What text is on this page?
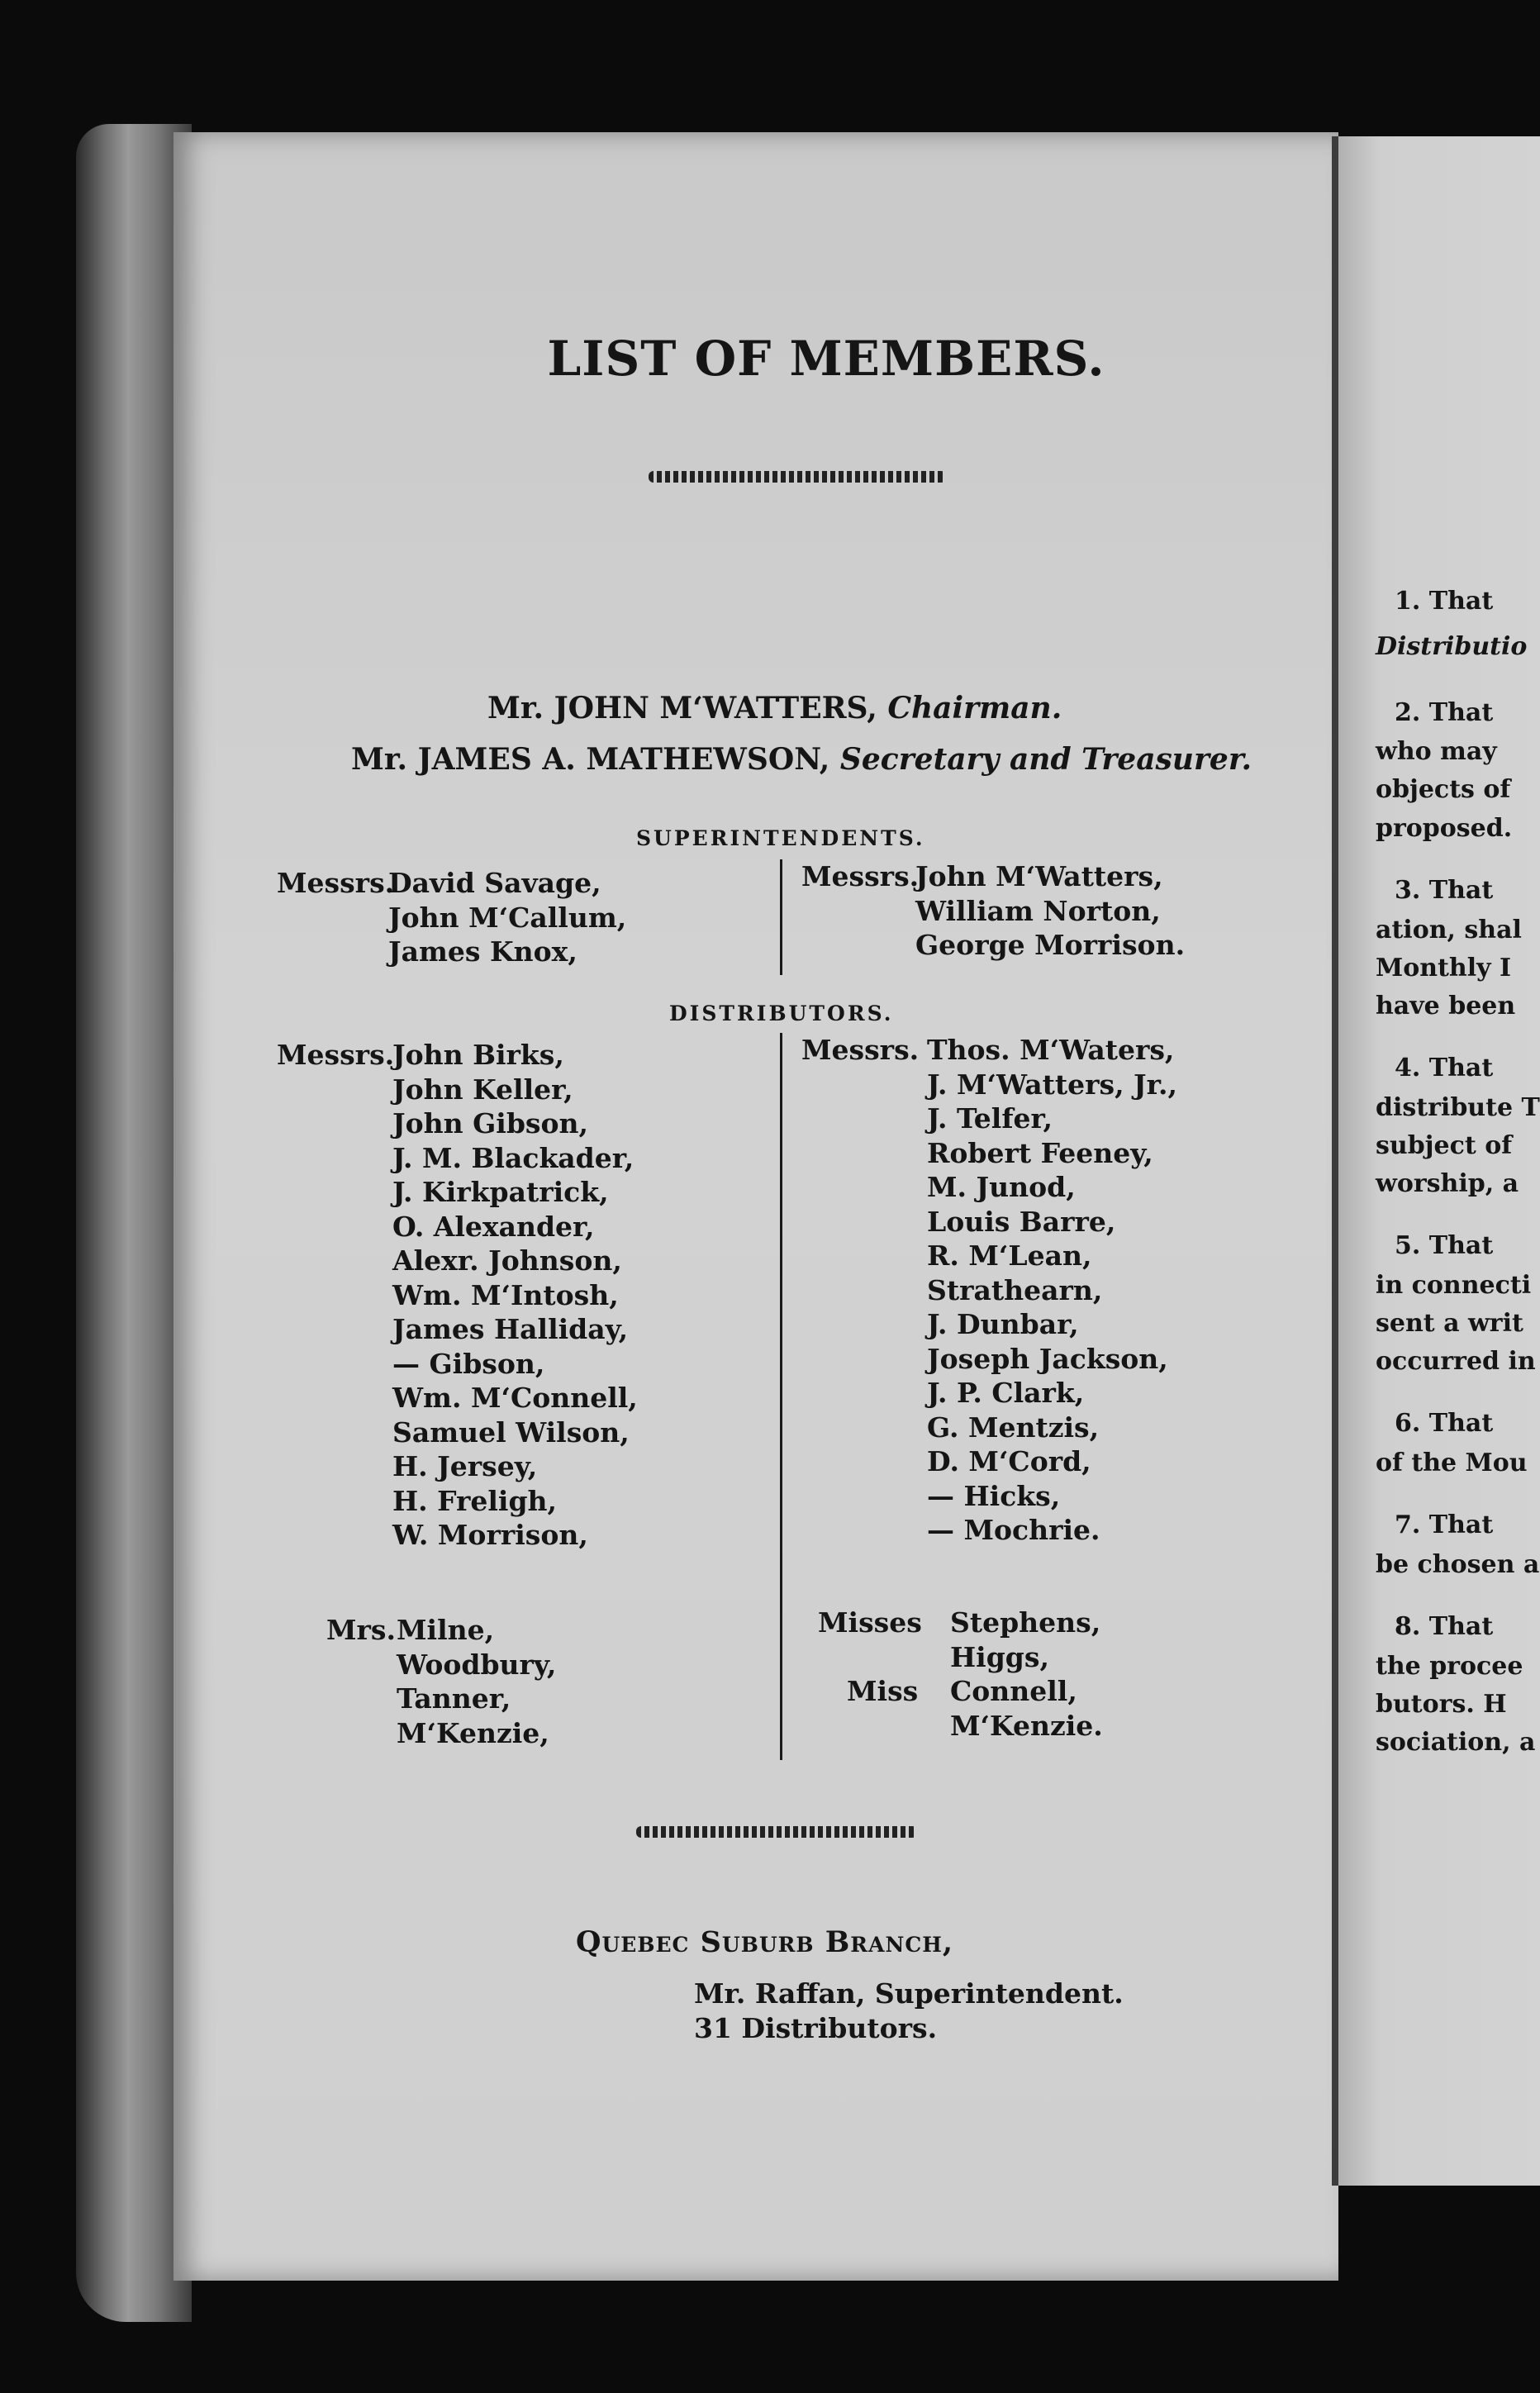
LIST OF MEMBERS.
Mr. JOHN M‘WATTERS, Chairman.
Mr. JAMES A. MATHEWSON, Secretary and Treasurer.
SUPERINTENDENTS.
Messrs.
David Savage,
John M‘Callum,
James Knox,
Messrs.
John M‘Watters,
William Norton,
George Morrison.
DISTRIBUTORS.
Messrs.
John Birks,
John Keller,
John Gibson,
J. M. Blackader,
J. Kirkpatrick,
O. Alexander,
Alexr. Johnson,
Wm. M‘Intosh,
James Halliday,
— Gibson,
Wm. M‘Connell,
Samuel Wilson,
H. Jersey,
H. Freligh,
W. Morrison,
Messrs. Thos. M‘Waters,
J. M‘Watters, Jr.,
J. Telfer,
Robert Feeney,
M. Junod,
Louis Barre,
R. M‘Lean,
Strathearn,
J. Dunbar,
Joseph Jackson,
J. P. Clark,
G. Mentzis,
D. M‘Cord,
— Hicks,
— Mochrie.
Mrs. Milne,
Woodbury,
Tanner,
M‘Kenzie,
Misses
Miss
Stephens,
Higgs,
Connell,
M‘Kenzie.
Quebec Suburb Branch,
Mr. Raffan, Superintendent.
31 Distributors.
1. That
Distributio
2. That
who may
objects of
proposed.
3. That
ation, shal
Monthly I
have been
4. That
distribute T
subject of
worship, a
5. That
in connecti
sent a writ
occurred in
6. That
of the Mou
7. That
be chosen a
8. That
the procee
butors. H
sociation, a
